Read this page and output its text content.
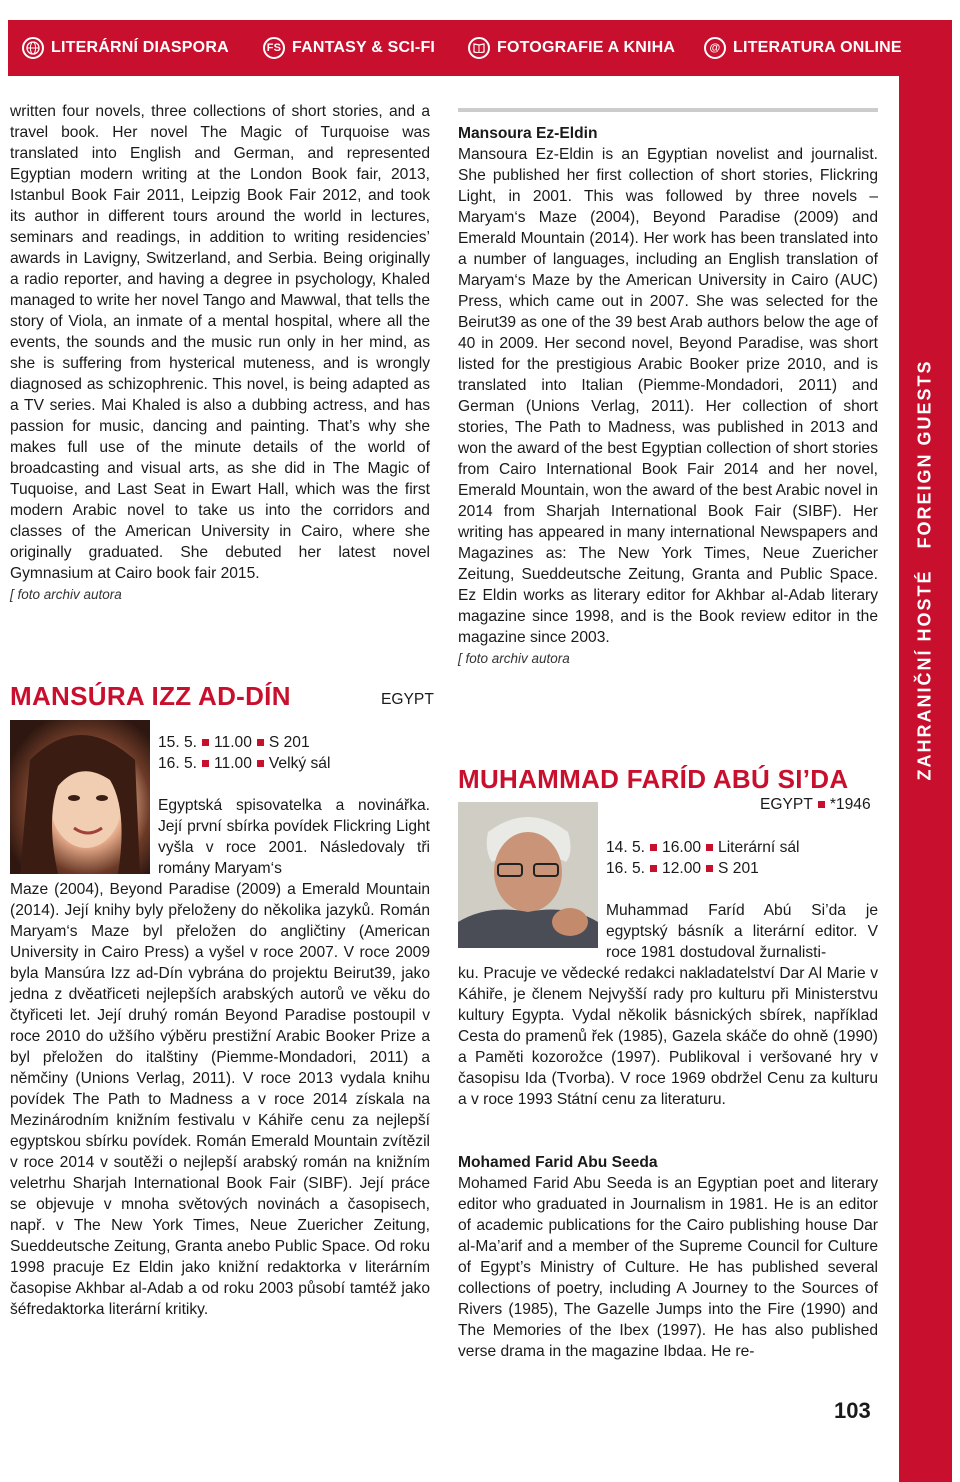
LITERÁRNÍ DIASPORA	FS FANTASY & SCI-FI	FOTOGRAFIE A KNIHA	@ LITERATURA ONLINE
ZAHRANIČNÍ HOSTÉ   FOREIGN GUESTS

written four novels, three collections of short stories, and a travel book. Her novel The Magic of Turquoise was translated into English and German, and represented Egyptian modern writing at the London Book fair, 2013, Istanbul Book Fair 2011, Leipzig Book Fair 2012, and took its author in different tours around the world in lectures, seminars and readings, in addition to writing residencies’ awards in Lavigny, Switzerland, and Serbia. Being originally a radio reporter, and having a degree in psychology, Khaled managed to write her novel Tango and Mawwal, that tells the story of Viola, an inmate of a mental hospital, where all the events, the sounds and the music run only in her mind, as she is suffering from hysterical muteness, and is wrongly diagnosed as schizophrenic. This novel, is being adapted as a TV series. Mai Khaled is also a dubbing actress, and has passion for music, dancing and painting. That’s why she makes full use of the minute details of the world of broadcasting and visual arts, as she did in The Magic of Tuquoise, and Last Seat in Ewart Hall, which was the first modern Arabic novel to take us into the corridors and classes of the American University in Cairo, where she originally graduated. She debuted her latest novel Gymnasium at Cairo book fair 2015.

[ foto archiv autora

MANSÚRA IZZ AD-DÍN	EGYPT
15. 5. 11.00 S 201
16. 5. 11.00 Velký sál
Egyptská spisovatelka a novinářka. Její první sbírka povídek Flickring Light vyšla v roce 2001. Následovaly tři romány Maryam‘s
Maze (2004), Beyond Paradise (2009) a Emerald Mountain (2014). Její knihy byly přeloženy do několika jazyků. Román Maryam‘s Maze byl přeložen do angličtiny (American University in Cairo Press) a vyšel v roce 2007. V roce 2009 byla Mansúra Izz ad-Dín vybrána do projektu Beirut39, jako jedna z dvěatřiceti nejlepších arabských autorů ve věku do čtyřiceti let. Její druhý román Beyond Paradise postoupil v roce 2010 do užšího výběru prestižní Arabic Booker Prize a byl přeložen do italštiny (Piemme-Mondadori, 2011) a němčiny (Unions Verlag, 2011). V roce 2013 vydala knihu povídek The Path to Madness a v roce 2014 získala na Mezinárodním knižním festivalu v Káhiře cenu za nejlepší egyptskou sbírku povídek. Román Emerald Mountain zvítězil v roce 2014 v soutěži o nejlepší arabský román na knižním veletrhu Sharjah International Book Fair (SIBF). Její práce se objevuje v mnoha světových novinách a časopisech, např. v The New York Times, Neue Zuericher Zeitung, Sueddeutsche Zeitung, Granta anebo Public Space. Od roku 1998 pracuje Ez Eldin jako knižní redaktorka v literárním časopise Akhbar al-Adab a od roku 2003 působí tamtéž jako šéfredaktorka literární kritiky.

Mansoura Ez-Eldin

Mansoura Ez-Eldin is an Egyptian novelist and journalist. She published her first collection of short stories, Flickring Light, in 2001. This was followed by three novels – Maryam‘s Maze (2004), Beyond Paradise (2009) and Emerald Mountain (2014). Her work has been translated into a number of languages, including an English translation of Maryam‘s Maze by the American University in Cairo (AUC) Press, which came out in 2007. She was selected for the Beirut39 as one of the 39 best Arab authors below the age of 40 in 2009. Her second novel, Beyond Paradise, was short listed for the prestigious Arabic Booker prize 2010, and is translated into Italian (Piemme-Mondadori, 2011) and German (Unions Verlag, 2011). Her collection of short stories, The Path to Madness, was published in 2013 and won the award of the best Egyptian collection of short stories from Cairo International Book Fair 2014 and her novel, Emerald Mountain, won the award of the best Arabic novel in 2014 from Sharjah International Book Fair (SIBF). Her writing has appeared in many international Newspapers and Magazines as: The New York Times, Neue Zuericher Zeitung, Sueddeutsche Zeitung, Granta and Public Space. Ez Eldin works as literary editor for Akhbar al-Adab literary magazine since 1998, and is the Book review editor in the magazine since 2003.

[ foto archiv autora

MUHAMMAD FARÍD ABÚ SI’DA
EGYPT *1946
14. 5. 16.00 Literární sál
16. 5. 12.00 S 201
Muhammad Faríd Abú Si’da je egyptský básník a literární editor. V roce 1981 dostudoval žurnalisti-
ku. Pracuje ve vědecké redakci nakladatelství Dar Al Marie v Káhiře, je členem Nejvyšší rady pro kulturu při Ministerstvu kultury Egypta. Vydal několik básnických sbírek, například Cesta do pramenů řek (1985), Gazela skáče do ohně (1990) a Paměti kozorožce (1997). Publikoval i veršované hry v časopisu Ida (Tvorba). V roce 1969 obdržel Cenu za kulturu a v roce 1993 Státní cenu za literaturu.

Mohamed Farid Abu Seeda

Mohamed Farid Abu Seeda is an Egyptian poet and literary editor who graduated in Journalism in 1981. He is an editor of academic publications for the Cairo publishing house Dar al-Ma’arif and a member of the Supreme Council for Culture of Egypt’s Ministry of Culture. He has published several collections of poetry, including A Journey to the Sources of Rivers (1985), The Gazelle Jumps into the Fire (1990) and The Memories of the Ibex (1997). He has also published verse drama in the magazine Ibdaa. He re-

103
